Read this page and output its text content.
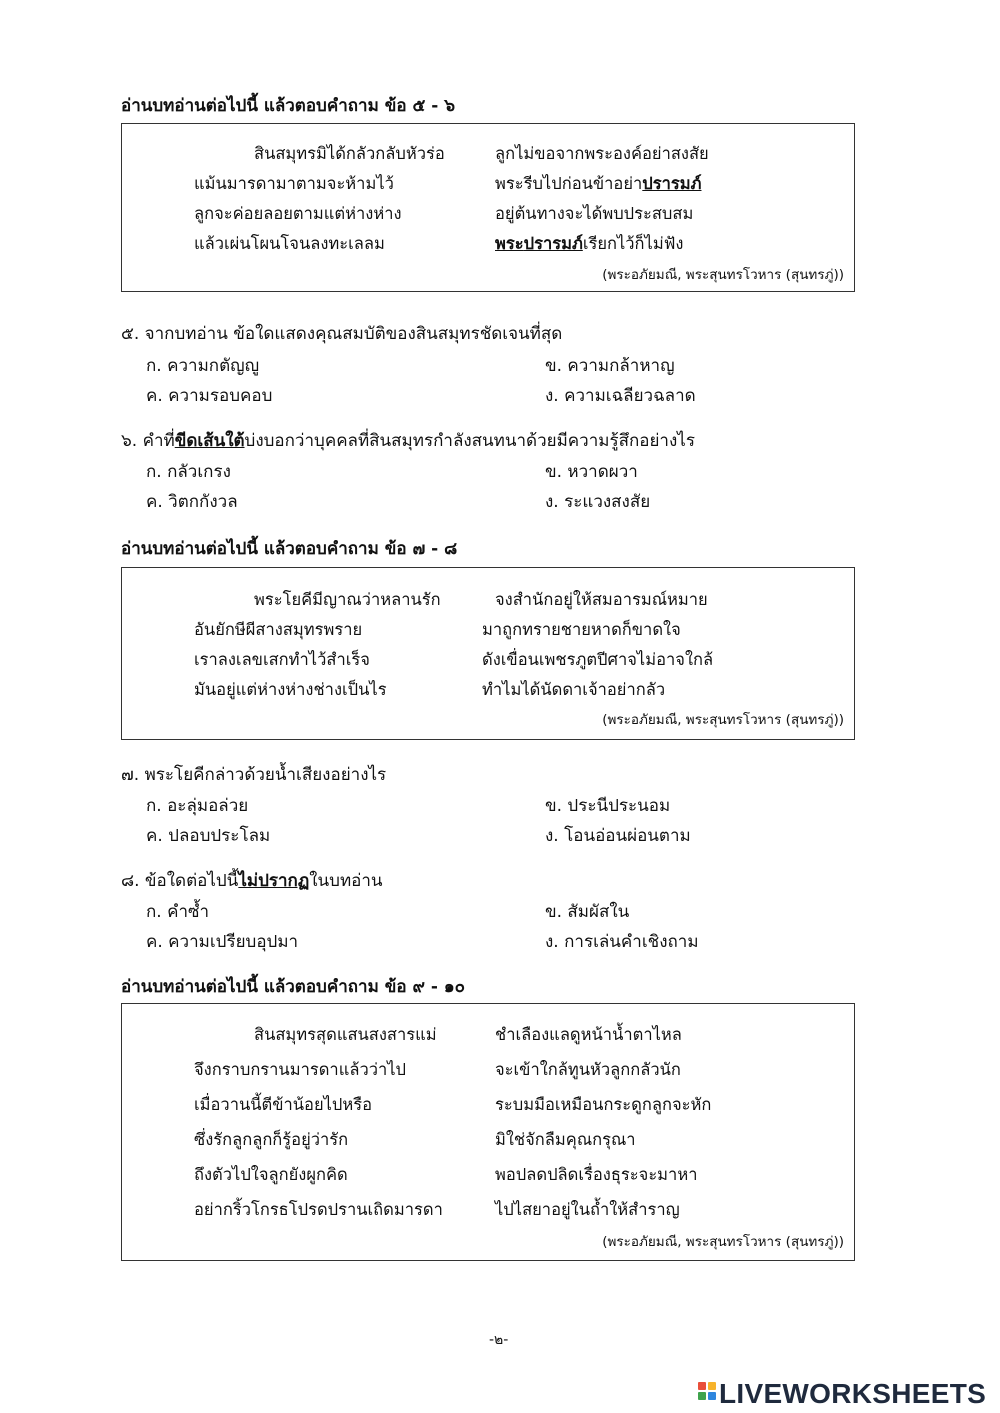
อ่านบทอ่านต่อไปนี้ แล้วตอบคำถาม ข้อ ๕ - ๖
สินสมุทรมิได้กลัวกลับหัวร่อ	ลูกไม่ขอจากพระองค์อย่าสงสัย
แม้นมารดามาตามจะห้ามไว้	พระรีบไปก่อนข้าอย่าปรารมภ์
ลูกจะค่อยลอยตามแต่ห่างห่าง	อยู่ต้นทางจะได้พบประสบสม
แล้วเผ่นโผนโจนลงทะเลลม	พระปรารมภ์เรียกไว้ก็ไม่ฟัง
(พระอภัยมณี, พระสุนทรโวหาร (สุนทรภู่))
๕. จากบทอ่าน ข้อใดแสดงคุณสมบัติของสินสมุทรชัดเจนที่สุด
ก. ความกตัญญู	ข. ความกล้าหาญ
ค. ความรอบคอบ	ง. ความเฉลียวฉลาด
๖. คำที่ขีดเส้นใต้บ่งบอกว่าบุคคลที่สินสมุทรกำลังสนทนาด้วยมีความรู้สึกอย่างไร
ก. กลัวเกรง	ข. หวาดผวา
ค. วิตกกังวล	ง. ระแวงสงสัย
อ่านบทอ่านต่อไปนี้ แล้วตอบคำถาม ข้อ ๗ - ๘
พระโยคีมีญาณว่าหลานรัก	จงสำนักอยู่ให้สมอารมณ์หมาย
อันยักษีผีสางสมุทรพราย	มาถูกทรายชายหาดก็ขาดใจ
เราลงเลขเสกทำไว้สำเร็จ	ดังเขื่อนเพชรภูตปีศาจไม่อาจใกล้
มันอยู่แต่ห่างห่างช่างเป็นไร	ทำไมได้นัดดาเจ้าอย่ากลัว
(พระอภัยมณี, พระสุนทรโวหาร (สุนทรภู่))
๗. พระโยคีกล่าวด้วยน้ำเสียงอย่างไร
ก. อะลุ่มอล่วย	ข. ประนีประนอม
ค. ปลอบประโลม	ง. โอนอ่อนผ่อนตาม
๘. ข้อใดต่อไปนี้ไม่ปรากฏในบทอ่าน
ก. คำซ้ำ	ข. สัมผัสใน
ค. ความเปรียบอุปมา	ง. การเล่นคำเชิงถาม
อ่านบทอ่านต่อไปนี้ แล้วตอบคำถาม ข้อ ๙ - ๑๐
สินสมุทรสุดแสนสงสารแม่	ชำเลืองแลดูหน้าน้ำตาไหล
จึงกราบกรานมารดาแล้วว่าไป	จะเข้าใกล้ทูนหัวลูกกลัวนัก
เมื่อวานนี้ตีข้าน้อยไปหรือ	ระบมมือเหมือนกระดูกลูกจะหัก
ซึ่งรักลูกลูกก็รู้อยู่ว่ารัก	มิใช่จักลืมคุณกรุณา
ถึงตัวไปใจลูกยังผูกคิด	พอปลดปลิดเรื่องธุระจะมาหา
อย่ากริ้วโกรธโปรดปรานเถิดมารดา	ไปไสยาอยู่ในถ้ำให้สำราญ
(พระอภัยมณี, พระสุนทรโวหาร (สุนทรภู่))
-๒-
LIVEWORKSHEETS
